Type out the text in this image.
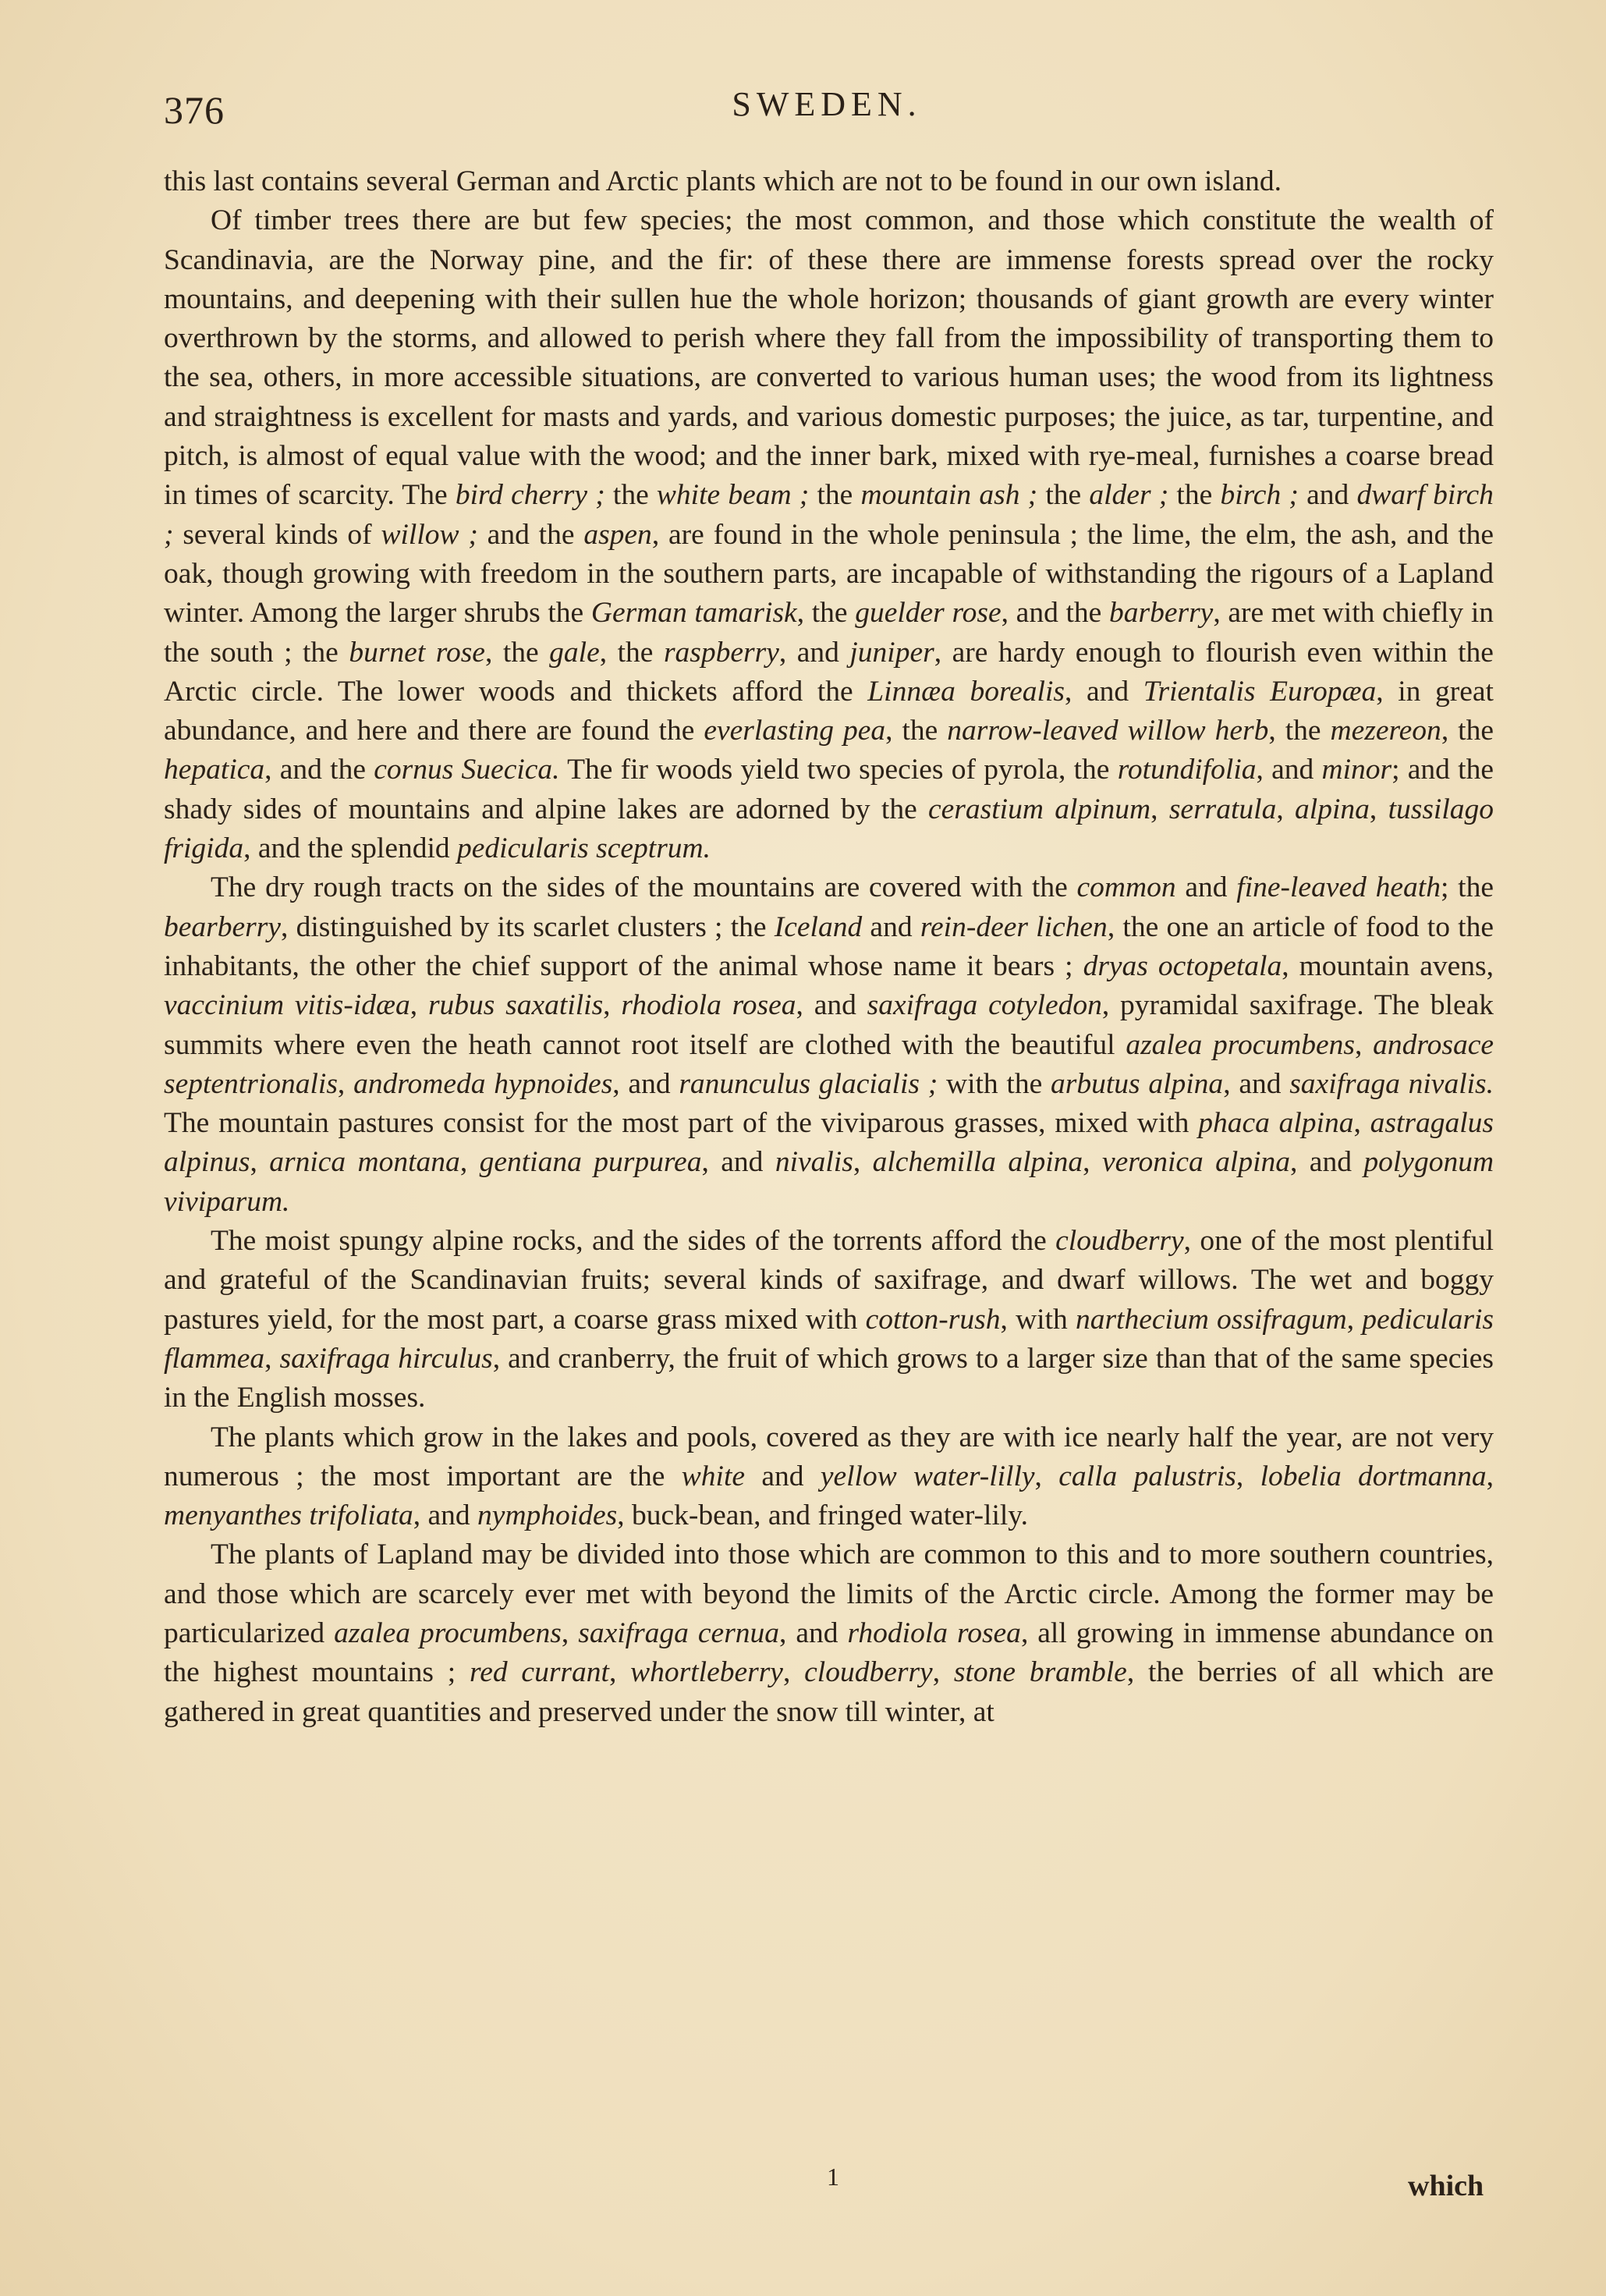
376	SWEDEN.

this last contains several German and Arctic plants which are not to be found in our own island.

Of timber trees there are but few species; the most common, and those which constitute the wealth of Scandinavia, are the Norway pine, and the fir: of these there are immense forests spread over the rocky mountains, and deepening with their sullen hue the whole horizon; thousands of giant growth are every winter overthrown by the storms, and allowed to perish where they fall from the impossibility of transporting them to the sea, others, in more accessible situations, are converted to various human uses; the wood from its lightness and straightness is excellent for masts and yards, and various domestic purposes; the juice, as tar, turpentine, and pitch, is almost of equal value with the wood; and the inner bark, mixed with rye-meal, furnishes a coarse bread in times of scarcity. The bird cherry ; the white beam ; the mountain ash ; the alder ; the birch ; and dwarf birch ; several kinds of willow ; and the aspen, are found in the whole peninsula ; the lime, the elm, the ash, and the oak, though growing with freedom in the southern parts, are incapable of withstanding the rigours of a Lapland winter. Among the larger shrubs the German tamarisk, the guelder rose, and the barberry, are met with chiefly in the south ; the burnet rose, the gale, the raspberry, and juniper, are hardy enough to flourish even within the Arctic circle. The lower woods and thickets afford the Linnæa borealis, and Trientalis Europæa, in great abundance, and here and there are found the everlasting pea, the narrow-leaved willow herb, the mezereon, the hepatica, and the cornus Suecica. The fir woods yield two species of pyrola, the rotundifolia, and minor; and the shady sides of mountains and alpine lakes are adorned by the cerastium alpinum, serratula, alpina, tussilago frigida, and the splendid pedicularis sceptrum.

The dry rough tracts on the sides of the mountains are covered with the common and fine-leaved heath; the bearberry, distinguished by its scarlet clusters ; the Iceland and rein-deer lichen, the one an article of food to the inhabitants, the other the chief support of the animal whose name it bears ; dryas octopetala, mountain avens, vaccinium vitis-idæa, rubus saxatilis, rhodiola rosea, and saxifraga cotyledon, pyramidal saxifrage. The bleak summits where even the heath cannot root itself are clothed with the beautiful azalea procumbens, androsace septentrionalis, andromeda hypnoides, and ranunculus glacialis ; with the arbutus alpina, and saxifraga nivalis. The mountain pastures consist for the most part of the viviparous grasses, mixed with phaca alpina, astragalus alpinus, arnica montana, gentiana purpurea, and nivalis, alchemilla alpina, veronica alpina, and polygonum viviparum.

The moist spungy alpine rocks, and the sides of the torrents afford the cloudberry, one of the most plentiful and grateful of the Scandinavian fruits; several kinds of saxifrage, and dwarf willows. The wet and boggy pastures yield, for the most part, a coarse grass mixed with cotton-rush, with narthecium ossifragum, pedicularis flammea, saxifraga hirculus, and cranberry, the fruit of which grows to a larger size than that of the same species in the English mosses.

The plants which grow in the lakes and pools, covered as they are with ice nearly half the year, are not very numerous ; the most important are the white and yellow water-lilly, calla palustris, lobelia dortmanna, menyanthes trifoliata, and nymphoides, buck-bean, and fringed water-lily.

The plants of Lapland may be divided into those which are common to this and to more southern countries, and those which are scarcely ever met with beyond the limits of the Arctic circle. Among the former may be particularized azalea procumbens, saxifraga cernua, and rhodiola rosea, all growing in immense abundance on the highest mountains ; red currant, whortleberry, cloudberry, stone bramble, the berries of all which are gathered in great quantities and preserved under the snow till winter, at

1	which
